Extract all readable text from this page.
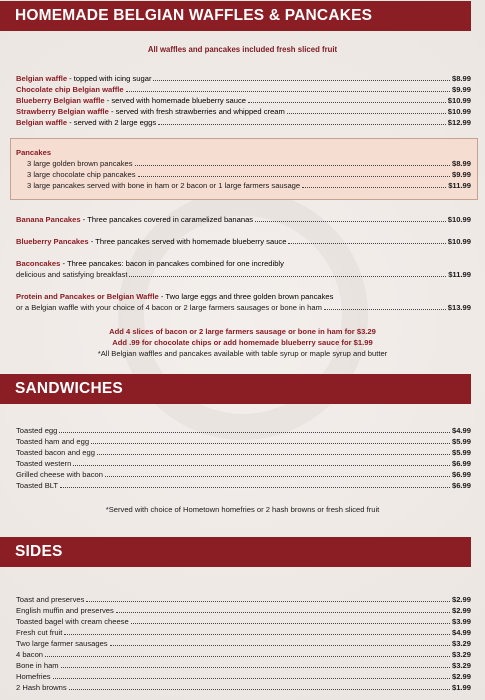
HOMEMADE BELGIAN WAFFLES & PANCAKES
All waffles and pancakes included fresh sliced fruit
Belgian waffle - topped with icing sugar	$8.99
Chocolate chip Belgian waffle	$9.99
Blueberry Belgian waffle - served with homemade blueberry sauce	$10.99
Strawberry Belgian waffle - served with fresh strawberries and whipped cream	$10.99
Belgian waffle - served with 2 large eggs	$12.99
Pancakes
3 large golden brown pancakes	$8.99
3 large chocolate chip pancakes	$9.99
3 large pancakes served with bone in ham or 2 bacon or 1 large farmers sausage	$11.99
Banana Pancakes - Three pancakes covered in caramelized bananas	$10.99
Blueberry Pancakes - Three pancakes served with homemade blueberry sauce	$10.99
Baconcakes - Three pancakes: bacon in pancakes combined for one incredibly
delicious and satisfying breakfast	$11.99
Protein and Pancakes or Belgian Waffle - Two large eggs and three golden brown pancakes
or a Belgian waffle with your choice of 4 bacon or 2 large farmers sausages or bone in ham	$13.99
Add 4 slices of bacon or 2 large farmers sausage or bone in ham for $3.29
Add .99 for chocolate chips or add homemade blueberry sauce for $1.99
*All Belgian waffles and pancakes available with table syrup or maple syrup and butter
SANDWICHES
Toasted egg	$4.99
Toasted ham and egg	$5.99
Toasted bacon and egg	$5.99
Toasted western	$6.99
Grilled cheese with bacon	$6.99
Toasted BLT	$6.99
*Served with choice of Hometown homefries or 2 hash browns or fresh sliced fruit
SIDES
Toast and preserves	$2.99
English muffin and preserves	$2.99
Toasted bagel with cream cheese	$3.99
Fresh cut fruit	$4.99
Two large farmer sausages	$3.29
4 bacon	$3.29
Bone in ham	$3.29
Homefries	$2.99
2 Hash browns	$1.99
